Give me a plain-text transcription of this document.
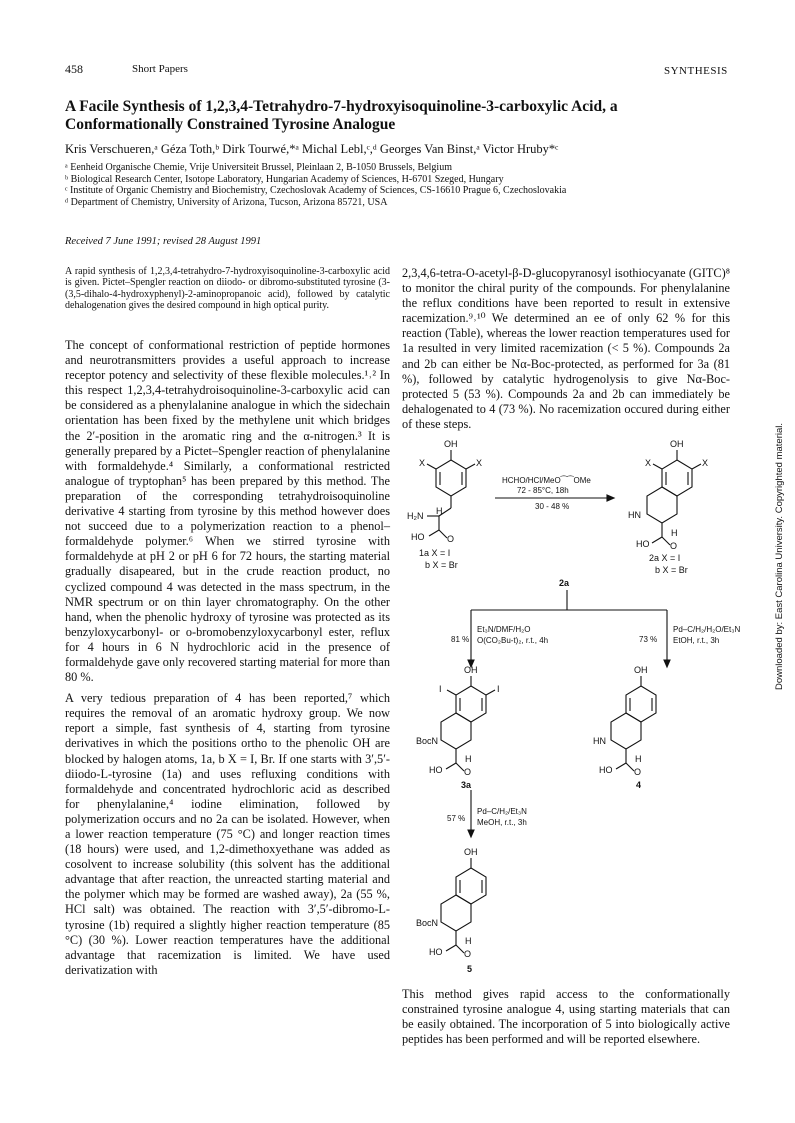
458	Short Papers	SYNTHESIS
A Facile Synthesis of 1,2,3,4-Tetrahydro-7-hydroxyisoquinoline-3-carboxylic Acid, a Conformationally Constrained Tyrosine Analogue
Kris Verschueren,ᵃ Géza Toth,ᵇ Dirk Tourwé,*ᵃ Michal Lebl,ᶜ,ᵈ Georges Van Binst,ᵃ Victor Hruby*ᶜ
ᵃ Eenheid Organische Chemie, Vrije Universiteit Brussel, Pleinlaan 2, B-1050 Brussels, Belgium
ᵇ Biological Research Center, Isotope Laboratory, Hungarian Academy of Sciences, H-6701 Szeged, Hungary
ᶜ Institute of Organic Chemistry and Biochemistry, Czechoslovak Academy of Sciences, CS-16610 Prague 6, Czechoslovakia
ᵈ Department of Chemistry, University of Arizona, Tucson, Arizona 85721, USA
Received 7 June 1991; revised 28 August 1991

A rapid synthesis of 1,2,3,4-tetrahydro-7-hydroxyisoquinoline-3-carboxylic acid is given. Pictet–Spengler reaction on diiodo- or dibromo-substituted tyrosine (3-(3,5-dihalo-4-hydroxyphenyl)-2-aminopropanoic acid), followed by catalytic dehalogenation gives the desired compound in high optical purity.

The concept of conformational restriction of peptide hormones and neurotransmitters provides a useful approach to increase receptor potency and selectivity of these flexible molecules.¹˒² In this respect 1,2,3,4-tetrahydroisoquinoline-3-carboxylic acid can be considered as a phenylalanine analogue in which the sidechain orientation has been fixed by the methylene unit which bridges the 2′-position in the aromatic ring and the α-nitrogen.³ It is generally prepared by a Pictet–Spengler reaction of phenylalanine with formaldehyde.⁴ Similarly, a conformational restricted analogue of tryptophan⁵ has been prepared by this method. The preparation of the corresponding tetrahydroisoquinoline derivative 4 starting from tyrosine by this method however does not succeed due to a polymerization reaction to a phenol–formaldehyde polymer.⁶ When we stirred tyrosine with formaldehyde at pH 2 or pH 6 for 72 hours, the starting material gradually disapeared, but in the crude reaction product, no cyclized compound 4 was detected in the mass spectrum, in the NMR spectrum or on thin layer chromatography. On the other hand, when the phenolic hydroxy of tyrosine was protected as its benzyloxycarbonyl- or o-bromobenzyloxycarbonyl ester, reflux for 4 hours in 6 N hydrochloric acid in the presence of formaldehyde gave only recovered starting material for more than 80 %.

A very tedious preparation of 4 has been reported,⁷ which requires the removal of an aromatic hydroxy group. We now report a simple, fast synthesis of 4, starting from tyrosine derivatives in which the positions ortho to the phenolic OH are blocked by halogen atoms, 1a, b X = I, Br. If one starts with 3′,5′-diiodo-L-tyrosine (1a) and uses refluxing conditions with formaldehyde and concentrated hydrochloric acid as described for phenylalanine,⁴ iodine elimination, followed by polymerization occurs and no 2a can be isolated. However, when a lower reaction temperature (75 °C) and longer reaction times (18 hours) were used, and 1,2-dimethoxyethane was added as cosolvent to increase solubility (this solvent has the additional advantage that after reaction, the unreacted starting material and the polymer which may be formed are washed away), 2a (55 %, HCl salt) was obtained. The reaction with 3′,5′-dibromo-L-tyrosine (1b) required a slightly higher reaction temperature (85 °C) (30 %). Lower reaction temperatures have the additional advantage that racemization is limited. We have used derivatization with

2,3,4,6-tetra-O-acetyl-β-D-glucopyranosyl isothiocyanate (GITC)⁸ to monitor the chiral purity of the compounds. For phenylalanine the reflux conditions have been reported to result in extensive racemization.⁹˒¹⁰ We determined an ee of only 62 % for this reaction (Table), whereas the lower reaction temperatures used for 1a resulted in very limited racemization (< 5 %). Compounds 2a and 2b can either be Nα-Boc-protected, as performed for 3a (81 %), followed by catalytic hydrogenolysis to give Nα-Boc-protected 5 (53 %). Compounds 2a and 2b can immediately be dehalogenated to 4 (73 %). No racemization occured during either of these steps.

OH
X	X
H
H₂N
HO	O
1a X = I
b X = Br
HCHO/HCl/MeO⁀⁀OMe
72 - 85°C, 18h
30 - 48 %
OH
X	X
HN
H
HO O
2a X = I
b X = Br
2a
81 %
Et₃N/DMF/H₂O
O(CO₂Bu-t)₂, r.t., 4h	73 %
Pd–C/H₂/H₂O/Et₃N
EtOH, r.t., 3h
OH
I	I
BocN
H
HO O
3a
OH
HN
H
HO O
4
57 %
Pd–C/H₂/Et₃N
MeOH, r.t., 3h
OH
BocN
H
HO O
5

This method gives rapid access to the conformationally constrained tyrosine analogue 4, using starting materials that can be easily obtained. The incorporation of 5 into biologically active peptides has been performed and will be reported elsewhere.

Downloaded by: East Carolina University. Copyrighted material.
